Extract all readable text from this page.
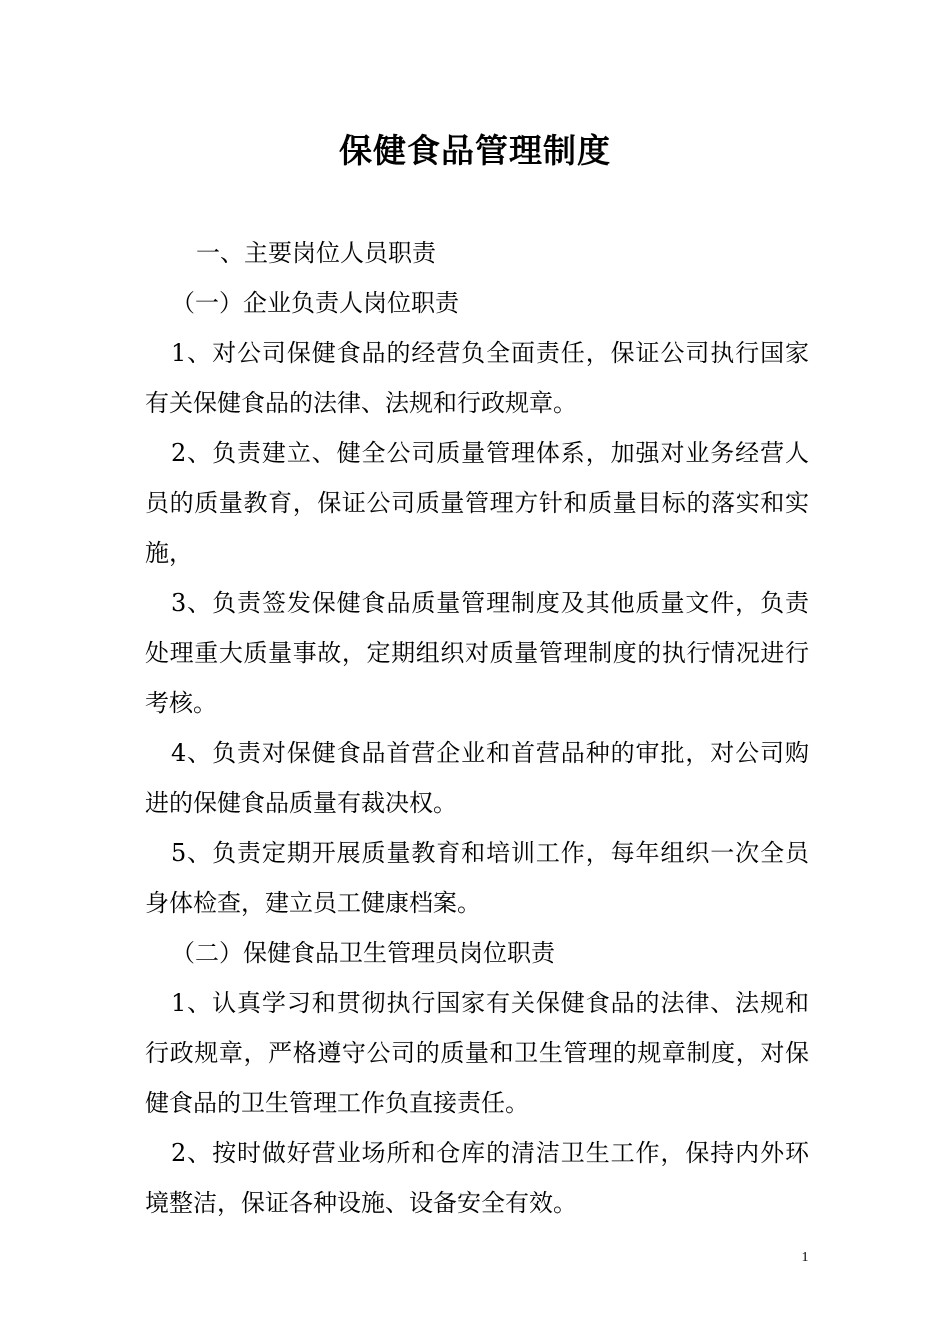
保健食品管理制度

一、主要岗位人员职责

（一）企业负责人岗位职责

1、对公司保健食品的经营负全面责任，保证公司执行国家有关保健食品的法律、法规和行政规章。

2、负责建立、健全公司质量管理体系，加强对业务经营人员的质量教育，保证公司质量管理方针和质量目标的落实和实施，

3、负责签发保健食品质量管理制度及其他质量文件，负责处理重大质量事故，定期组织对质量管理制度的执行情况进行考核。

4、负责对保健食品首营企业和首营品种的审批，对公司购进的保健食品质量有裁决权。

5、负责定期开展质量教育和培训工作，每年组织一次全员身体检查，建立员工健康档案。

（二）保健食品卫生管理员岗位职责

1、认真学习和贯彻执行国家有关保健食品的法律、法规和行政规章，严格遵守公司的质量和卫生管理的规章制度，对保健食品的卫生管理工作负直接责任。

2、按时做好营业场所和仓库的清洁卫生工作，保持内外环境整洁，保证各种设施、设备安全有效。

1
